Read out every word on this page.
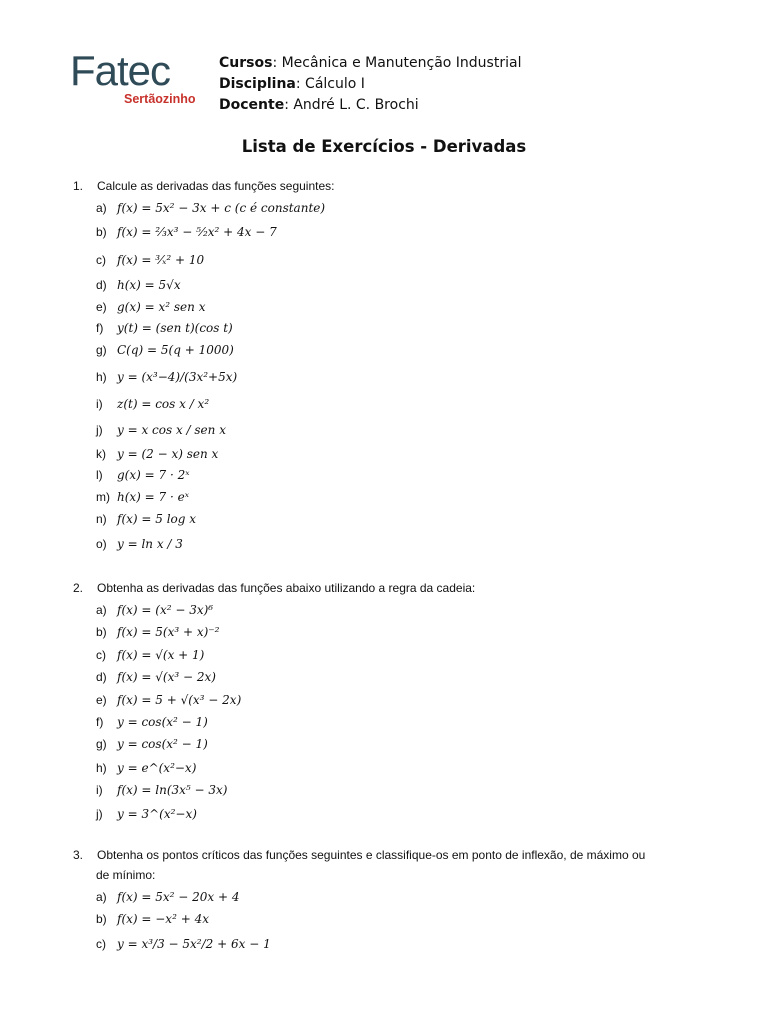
Fatec
Sertãozinho
Cursos: Mecânica e Manutenção Industrial
Disciplina: Cálculo I
Docente: André L. C. Brochi
Lista de Exercícios - Derivadas
1. Calcule as derivadas das funções seguintes:
a) f(x) = 5x² − 3x + c (c é constante)
b) f(x) = ⅔x³ − ⁵⁄₂x² + 4x − 7
c) f(x) = ³⁄ₓ² + 10
d) h(x) = 5√x
e) g(x) = x² sen x
f) y(t) = (sen t)(cos t)
g) C(q) = 5(q + 1000)
h) y = (x³−4)/(3x²+5x)
i) z(t) = cos x / x²
j) y = x cos x / sen x
k) y = (2 − x) sen x
l) g(x) = 7 · 2ˣ
m) h(x) = 7 · eˣ
n) f(x) = 5 log x
o) y = ln x / 3
2. Obtenha as derivadas das funções abaixo utilizando a regra da cadeia:
a) f(x) = (x² − 3x)⁶
b) f(x) = 5(x³ + x)⁻²
c) f(x) = √(x + 1)
d) f(x) = √(x³ − 2x)
e) f(x) = 5 + √(x³ − 2x)
f) y = cos(x² − 1)
g) y = cos(x² − 1)
h) y = e^(x²−x)
i) f(x) = ln(3x⁵ − 3x)
j) y = 3^(x²−x)
3. Obtenha os pontos críticos das funções seguintes e classifique-os em ponto de inflexão, de máximo ou
de mínimo:
a) f(x) = 5x² − 20x + 4
b) f(x) = −x² + 4x
c) y = x³/3 − 5x²/2 + 6x − 1
